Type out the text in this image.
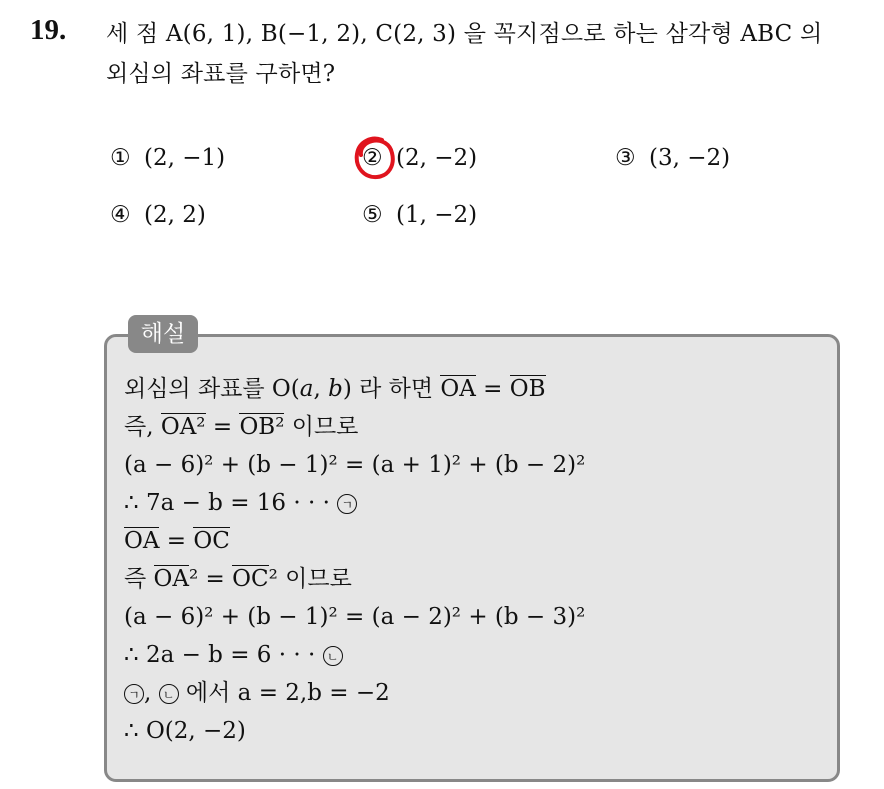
19. 세 점 A(6, 1), B(−1, 2), C(2, 3) 을 꼭지점으로 하는 삼각형 ABC 의
외심의 좌표를 구하면?
① (2, −1)	② (2, −2)	③ (3, −2)
④ (2, 2)	⑤ (1, −2)
해설
외심의 좌표를 O(a, b) 라 하면 OA = OB
즉, OA² = OB² 이므로
(a − 6)² + (b − 1)² = (a + 1)² + (b − 2)²
∴ 7a − b = 16 · · · ㄱ
OA = OC
즉 OA² = OC² 이므로
(a − 6)² + (b − 1)² = (a − 2)² + (b − 3)²
∴ 2a − b = 6 · · · ㄴ
ㄱ , ㄴ 에서 a = 2,b = −2
∴ O(2, −2)
